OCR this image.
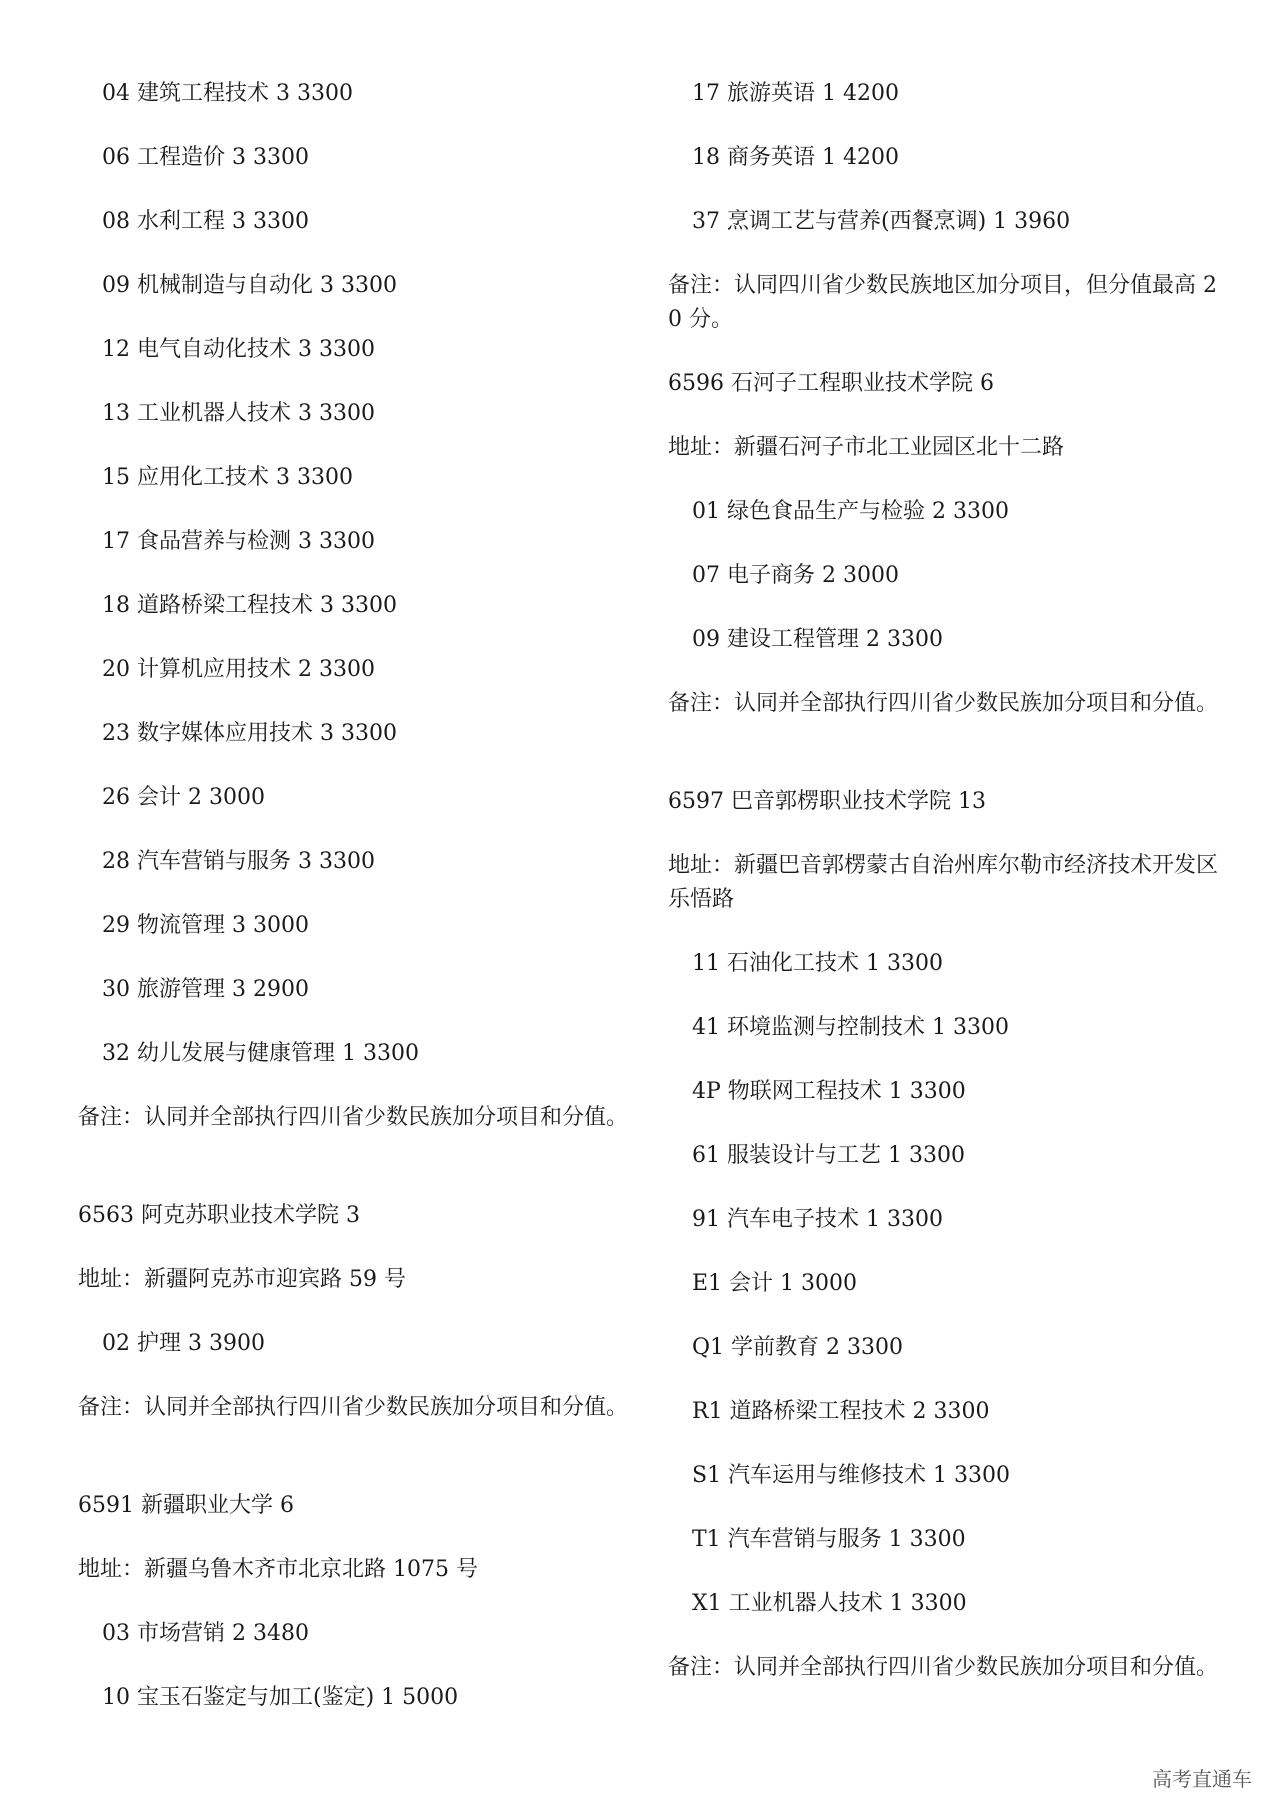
04 建筑工程技术 3 3300
06 工程造价 3 3300
08 水利工程 3 3300
09 机械制造与自动化 3 3300
12 电气自动化技术 3 3300
13 工业机器人技术 3 3300
15 应用化工技术 3 3300
17 食品营养与检测 3 3300
18 道路桥梁工程技术 3 3300
20 计算机应用技术 2 3300
23 数字媒体应用技术 3 3300
26 会计 2 3000
28 汽车营销与服务 3 3300
29 物流管理 3 3000
30 旅游管理 3 2900
32 幼儿发展与健康管理 1 3300
备注：认同并全部执行四川省少数民族加分项目和分值。
6563 阿克苏职业技术学院 3
地址：新疆阿克苏市迎宾路 59 号
02 护理 3 3900
备注：认同并全部执行四川省少数民族加分项目和分值。
6591 新疆职业大学 6
地址：新疆乌鲁木齐市北京北路 1075 号
03 市场营销 2 3480
10 宝玉石鉴定与加工(鉴定) 1 5000
17 旅游英语 1 4200
18 商务英语 1 4200
37 烹调工艺与营养(西餐烹调) 1 3960
备注：认同四川省少数民族地区加分项目，但分值最高 20 分。
6596 石河子工程职业技术学院 6
地址：新疆石河子市北工业园区北十二路
01 绿色食品生产与检验 2 3300
07 电子商务 2 3000
09 建设工程管理 2 3300
备注：认同并全部执行四川省少数民族加分项目和分值。
6597 巴音郭楞职业技术学院 13
地址：新疆巴音郭楞蒙古自治州库尔勒市经济技术开发区乐悟路
11 石油化工技术 1 3300
41 环境监测与控制技术 1 3300
4P 物联网工程技术 1 3300
61 服装设计与工艺 1 3300
91 汽车电子技术 1 3300
E1 会计 1 3000
Q1 学前教育 2 3300
R1 道路桥梁工程技术 2 3300
S1 汽车运用与维修技术 1 3300
T1 汽车营销与服务 1 3300
X1 工业机器人技术 1 3300
备注：认同并全部执行四川省少数民族加分项目和分值。
高考直通车
